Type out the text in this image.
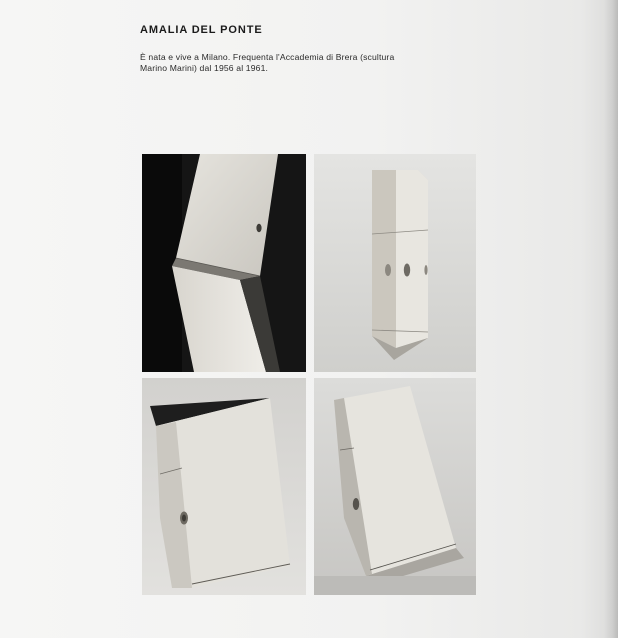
AMALIA DEL PONTE
È nata e vive a Milano. Frequenta l'Accademia di Brera (scultura
Marino Marini) dal 1956 al 1961.
